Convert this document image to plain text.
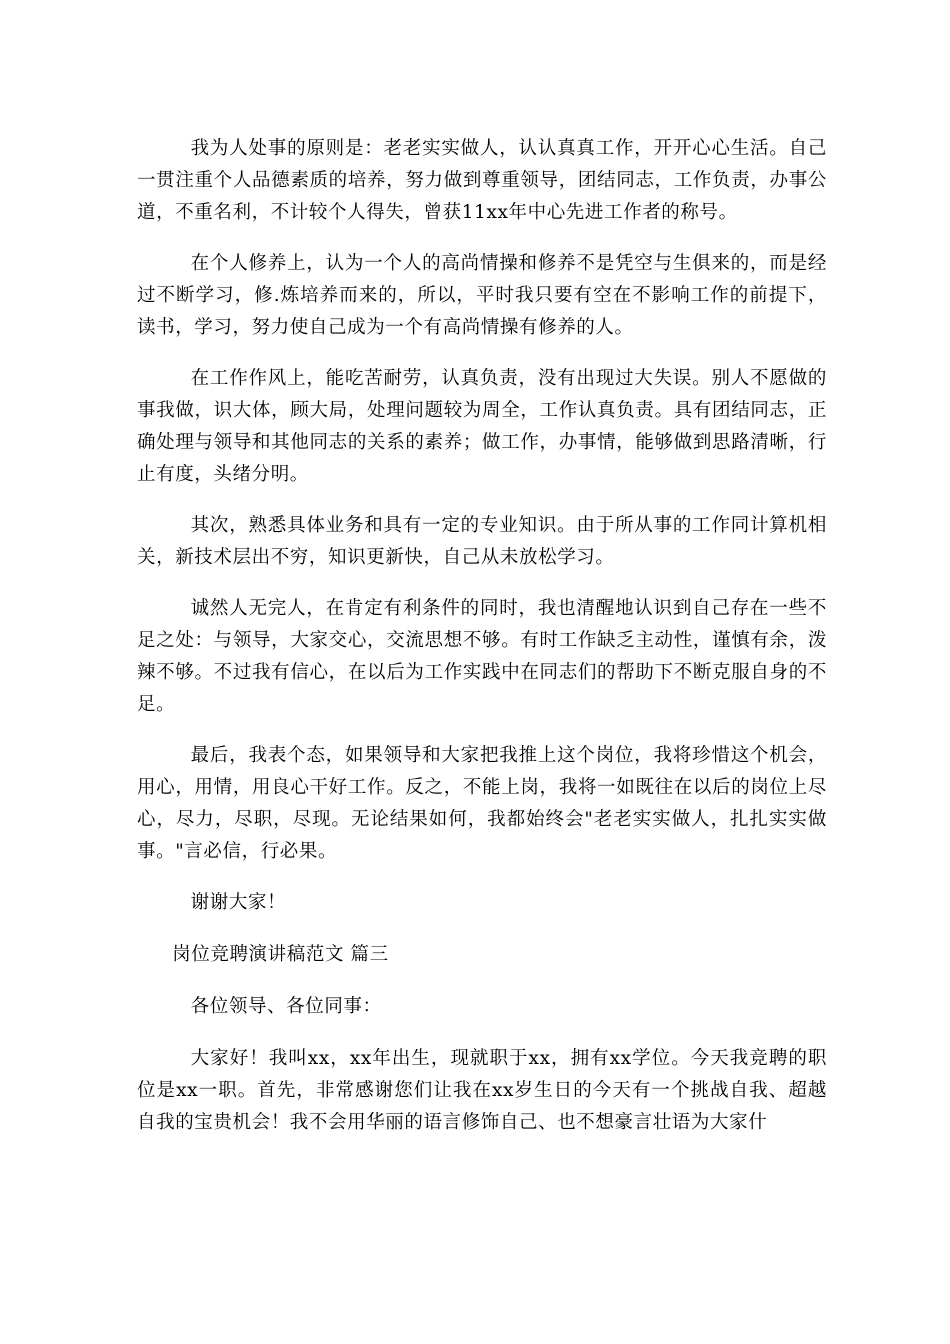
我为人处事的原则是：老老实实做人，认认真真工作，开开心心生活。自己一贯注重个人品德素质的培养，努力做到尊重领导，团结同志，工作负责，办事公道，不重名利，不计较个人得失，曾获11xx年中心先进工作者的称号。

在个人修养上，认为一个人的高尚情操和修养不是凭空与生俱来的，而是经过不断学习，修.炼培养而来的，所以，平时我只要有空在不影响工作的前提下，读书，学习，努力使自己成为一个有高尚情操有修养的人。

在工作作风上，能吃苦耐劳，认真负责，没有出现过大失误。别人不愿做的事我做，识大体，顾大局，处理问题较为周全，工作认真负责。具有团结同志，正确处理与领导和其他同志的关系的素养；做工作，办事情，能够做到思路清晰，行止有度，头绪分明。

其次，熟悉具体业务和具有一定的专业知识。由于所从事的工作同计算机相关，新技术层出不穷，知识更新快，自己从未放松学习。

诚然人无完人，在肯定有利条件的同时，我也清醒地认识到自己存在一些不足之处：与领导，大家交心，交流思想不够。有时工作缺乏主动性，谨慎有余，泼辣不够。不过我有信心，在以后为工作实践中在同志们的帮助下不断克服自身的不足。

最后，我表个态，如果领导和大家把我推上这个岗位，我将珍惜这个机会，用心，用情，用良心干好工作。反之，不能上岗，我将一如既往在以后的岗位上尽心，尽力，尽职，尽现。无论结果如何，我都始终会"老老实实做人，扎扎实实做事。"言必信，行必果。

谢谢大家！

岗位竞聘演讲稿范文 篇三

各位领导、各位同事：

大家好！我叫xx，xx年出生，现就职于xx，拥有xx学位。今天我竞聘的职位是xx一职。首先，非常感谢您们让我在xx岁生日的今天有一个挑战自我、超越自我的宝贵机会！我不会用华丽的语言修饰自己、也不想豪言壮语为大家什
